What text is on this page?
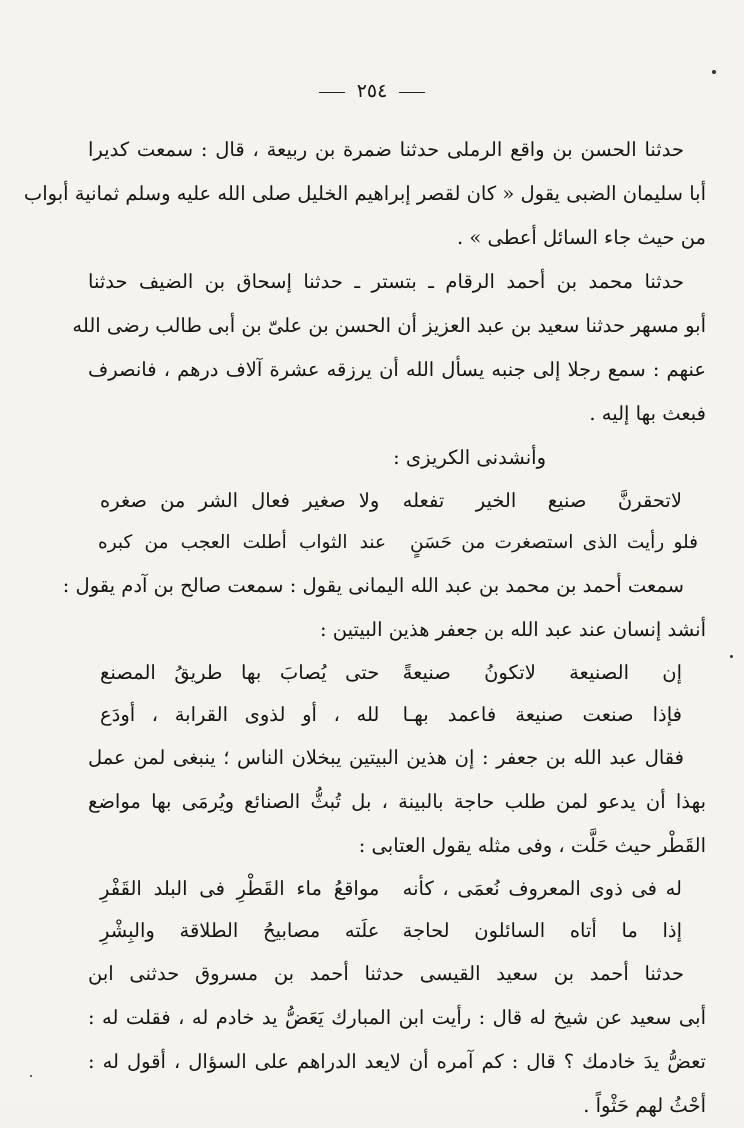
٢٥٤
حدثنا الحسن بن واقع الرملى حدثنا ضمرة بن ربيعة ، قال : سمعت كديرا
أبا سليمان الضبى يقول « كان لقصر إبراهيم الخليل صلى الله عليه وسلم ثمانية أبواب
من حيث جاء السائل أعطى » .
حدثنا محمد بن أحمد الرقام ـ بتستر ـ حدثنا إسحاق بن الضيف حدثنا
أبو مسهر حدثنا سعيد بن عبد العزيز أن الحسن بن علىّ بن أبى طالب رضى الله
عنهم : سمع رجلا إلى جنبه يسأل الله أن يرزقه عشرة آلاف درهم ، فانصرف
فبعث بها إليه .
وأنشدنى الكريزى :
لاتحقرنَّ صنيع الخير تفعله
ولا صغير فعال الشر من صغره
فلو رأيت الذى استصغرت من حَسَنٍ
عند الثواب أطلت العجب من كبره
سمعت أحمد بن محمد بن عبد الله اليمانى يقول : سمعت صالح بن آدم يقول :
أنشد إنسان عند عبد الله بن جعفر هذين البيتين :
إن الصنيعة لاتكونُ صنيعةً
حتى يُصابَ بها طريقُ المصنع
فإذا صنعت صنيعة فاعمد بهـا
لله ، أو لذوى القرابة ، أودَع
فقال عبد الله بن جعفر : إن هذين البيتين يبخلان الناس ؛ ينبغى لمن عمل
بهذا أن يدعو لمن طلب حاجة بالبينة ، بل تُبثُّ الصنائع ويُرمَى بها مواضع
القَطْر حيث حَلَّت ، وفى مثله يقول العتابى :
له فى ذوى المعروف نُعمَى ، كأنه
مواقعُ ماء القَطْرِ فى البلد القَفْرِ
إذا ما أتاه السائلون لحاجة
علَته مصابيحُ الطلاقة والبِشْرِ
حدثنا أحمد بن سعيد القيسى حدثنا أحمد بن مسروق حدثنى ابن
أبى سعيد عن شيخ له قال : رأيت ابن المبارك يَعَضُّ يد خادم له ، فقلت له :
تعضُّ يدَ خادمك ؟ قال : كم آمره أن لايعد الدراهم على السؤال ، أقول له :
أحْثُ لهم حَثْواً .
